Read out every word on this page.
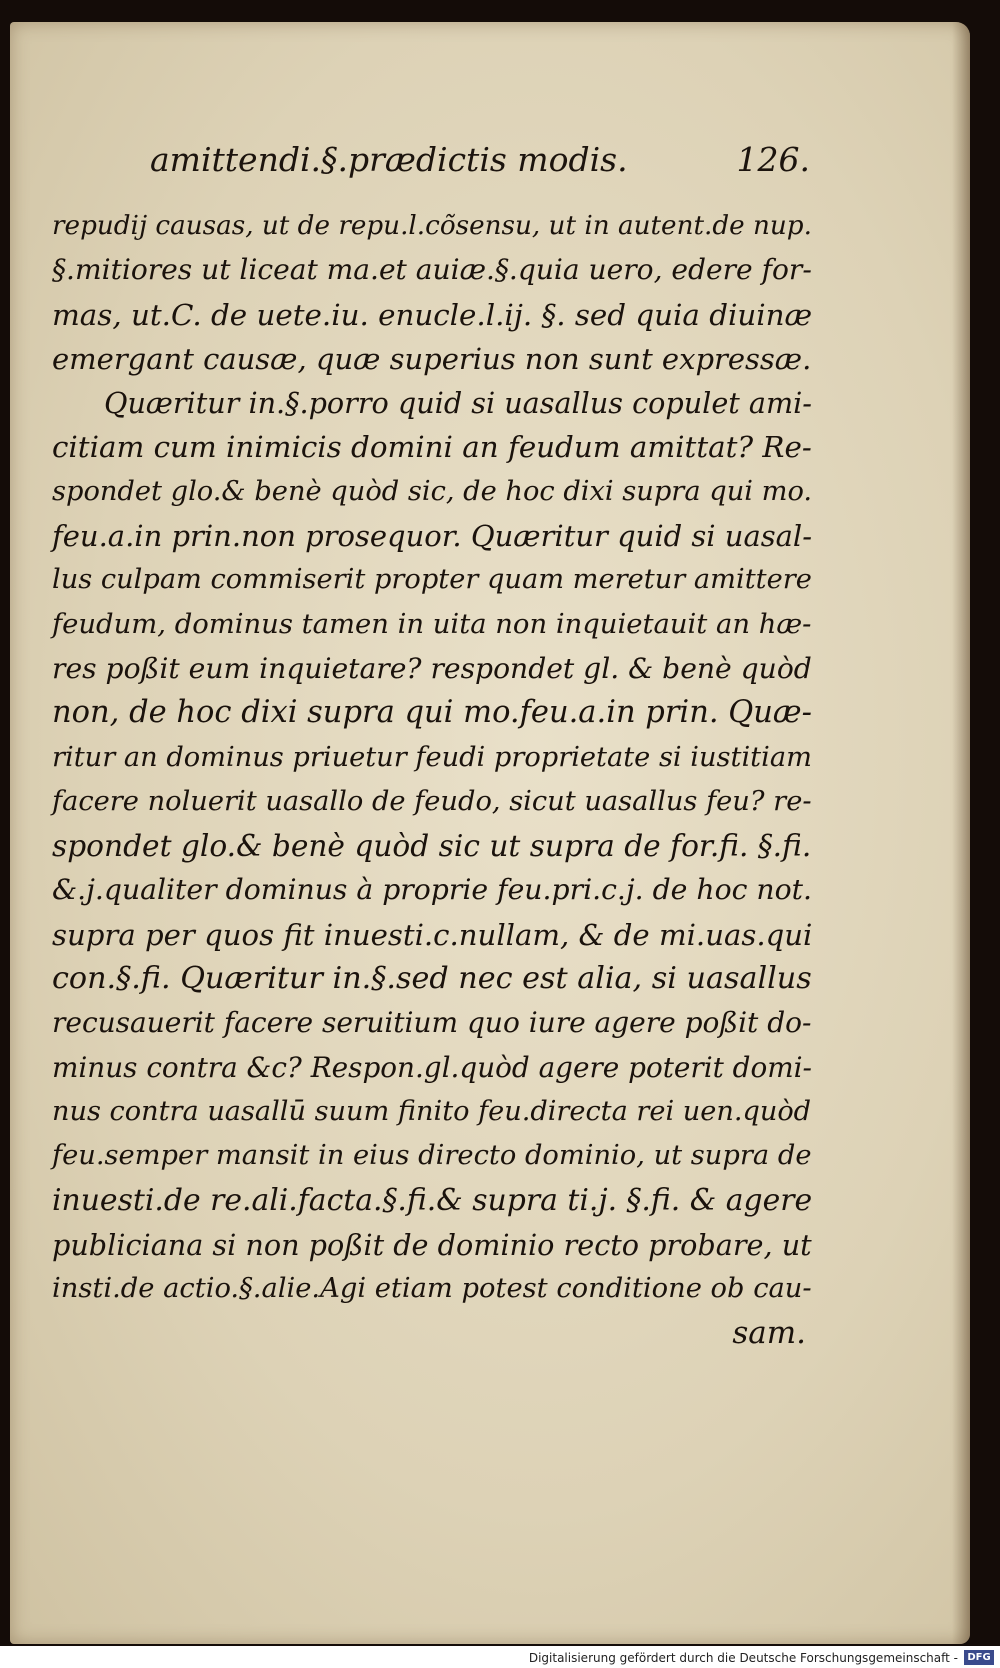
amittendi.§.prædictis modis.	126.
repudij causas, ut de repu.l.cõsensu, ut in autent.de nup.
§.mitiores ut liceat ma.et auiæ.§.quia uero, edere for-
mas, ut.C. de uete.iu. enucle.l.ij. §. sed quia diuinæ
emergant causæ, quæ superius non sunt expressæ.
Quæritur in.§.porro quid si uasallus copulet ami-
citiam cum inimicis domini an feudum amittat? Re-
spondet glo.& benè quòd sic, de hoc dixi supra qui mo.
feu.a.in prin.non prosequor. Quæritur quid si uasal-
lus culpam commiserit propter quam meretur amittere
feudum, dominus tamen in uita non inquietauit an hæ-
res poßit eum inquietare? respondet gl. & benè quòd
non, de hoc dixi supra qui mo.feu.a.in prin. Quæ-
ritur an dominus priuetur feudi proprietate si iustitiam
facere noluerit uasallo de feudo, sicut uasallus feu? re-
spondet glo.& benè quòd sic ut supra de for.fi. §.fi.
&.j.qualiter dominus à proprie feu.pri.c.j. de hoc not.
supra per quos fit inuesti.c.nullam, & de mi.uas.qui
con.§.fi. Quæritur in.§.sed nec est alia, si uasallus
recusauerit facere seruitium quo iure agere poßit do-
minus contra &c? Respon.gl.quòd agere poterit domi-
nus contra uasallū suum finito feu.directa rei uen.quòd
feu.semper mansit in eius directo dominio, ut supra de
inuesti.de re.ali.facta.§.fi.& supra ti.j. §.fi. & agere
publiciana si non poßit de dominio recto probare, ut
insti.de actio.§.alie.Agi etiam potest conditione ob cau-
sam.
Digitalisierung gefördert durch die Deutsche Forschungsgemeinschaft - DFG
